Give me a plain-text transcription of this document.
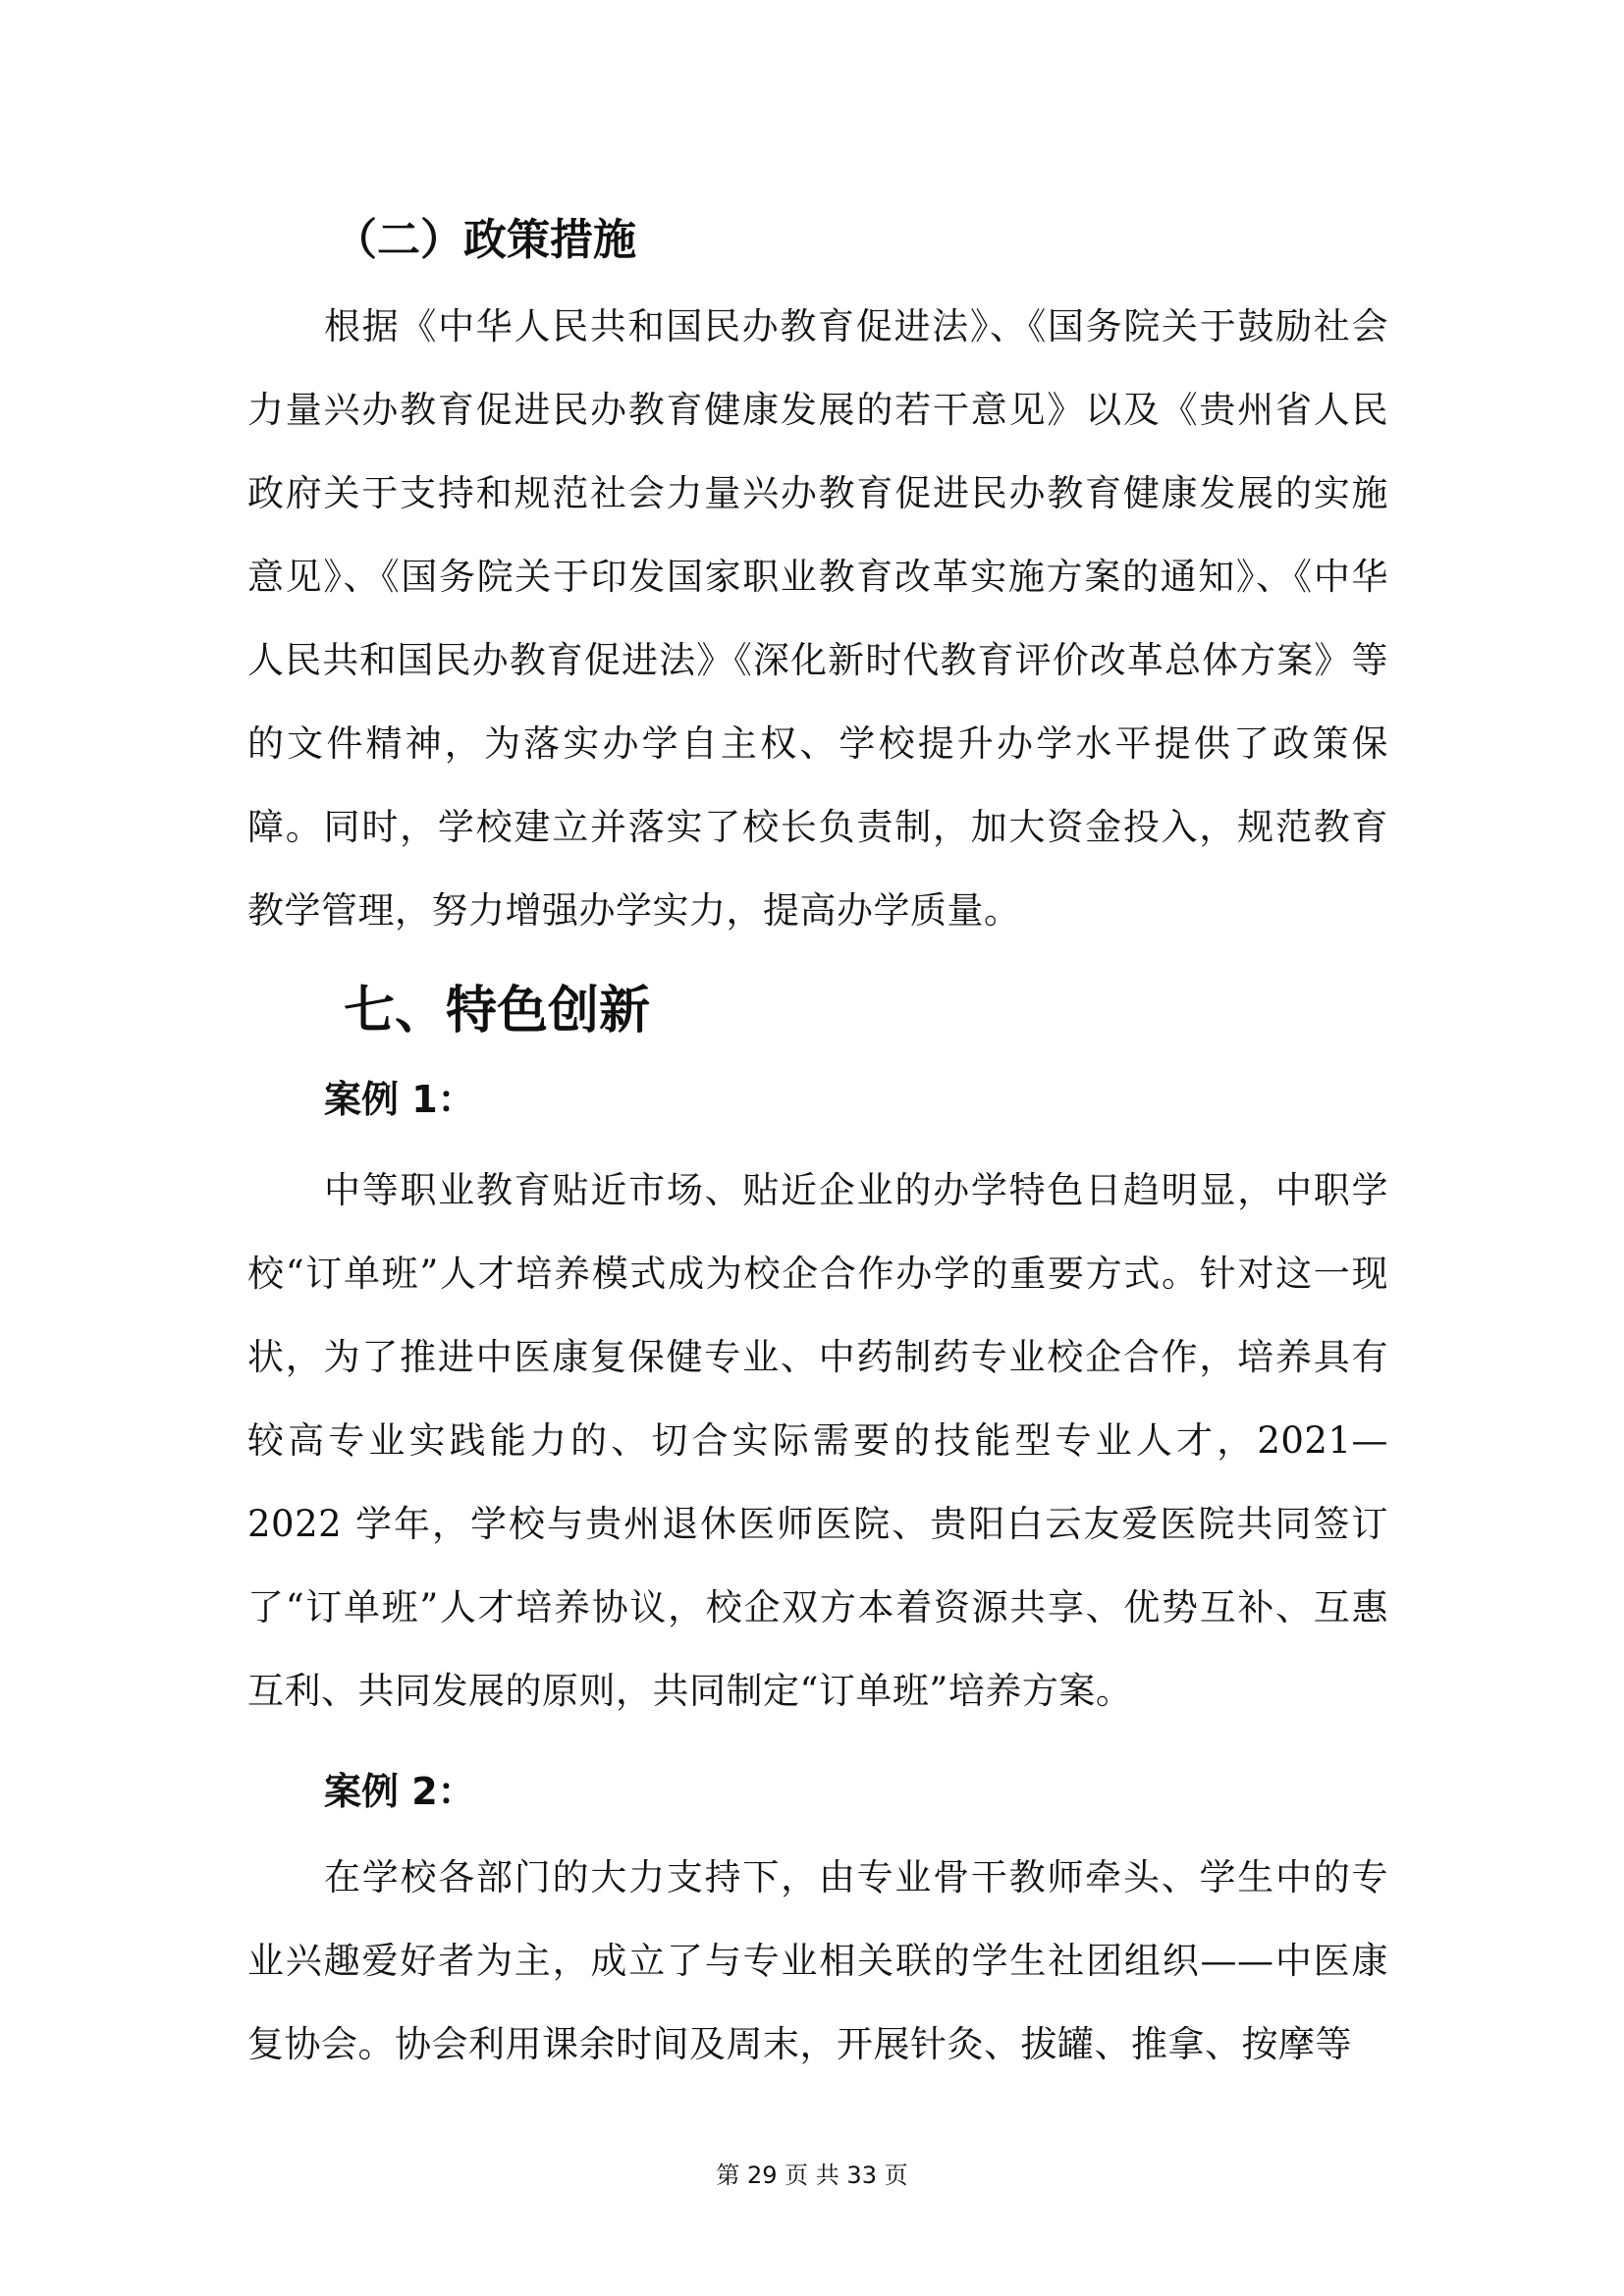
（二）政策措施

根据《中华人民共和国民办教育促进法》、《国务院关于鼓励社会力量兴办教育促进民办教育健康发展的若干意见》以及《贵州省人民政府关于支持和规范社会力量兴办教育促进民办教育健康发展的实施意见》、《国务院关于印发国家职业教育改革实施方案的通知》、《中华人民共和国民办教育促进法》《深化新时代教育评价改革总体方案》等的文件精神，为落实办学自主权、学校提升办学水平提供了政策保障。同时，学校建立并落实了校长负责制，加大资金投入，规范教育教学管理，努力增强办学实力，提高办学质量。

七、特色创新

案例 1：

中等职业教育贴近市场、贴近企业的办学特色日趋明显，中职学校“订单班”人才培养模式成为校企合作办学的重要方式。针对这一现状，为了推进中医康复保健专业、中药制药专业校企合作，培养具有较高专业实践能力的、切合实际需要的技能型专业人才，2021—2022 学年，学校与贵州退休医师医院、贵阳白云友爱医院共同签订了“订单班”人才培养协议，校企双方本着资源共享、优势互补、互惠互利、共同发展的原则，共同制定“订单班”培养方案。

案例 2：

在学校各部门的大力支持下，由专业骨干教师牵头、学生中的专业兴趣爱好者为主，成立了与专业相关联的学生社团组织——中医康复协会。协会利用课余时间及周末，开展针灸、拔罐、推拿、按摩等

第 29 页 共 33 页
